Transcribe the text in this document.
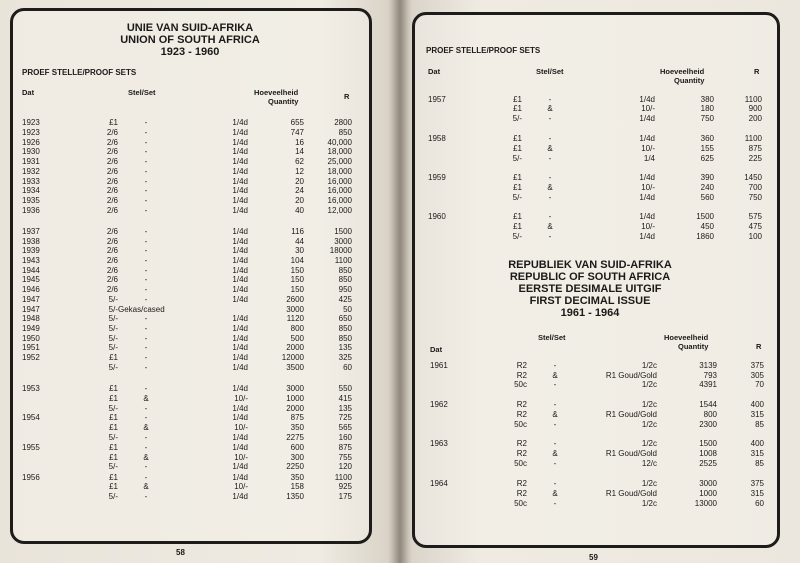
UNIE VAN SUID-AFRIKA
UNION OF SOUTH AFRICA
1923 - 1960
PROEF STELLE/PROOF SETS
Dat	Stel/Set	Hoeveelheid
Quantity
R
1923	£1	-	1/4d	655	2800
1923	2/6	-	1/4d	747	850
1926	2/6	-	1/4d	16	40,000
1930	2/6	-	1/4d	14	18,000
1931	2/6	-	1/4d	62	25,000
1932	2/6	-	1/4d	12	18,000
1933	2/6	-	1/4d	20	16,000
1934	2/6	-	1/4d	24	16,000
1935	2/6	-	1/4d	20	16,000
1936	2/6	-	1/4d	40	12,000
1937	2/6	-	1/4d	116	1500
1938	2/6	-	1/4d	44	3000
1939	2/6	-	1/4d	30	18000
1943	2/6	-	1/4d	104	1100
1944	2/6	-	1/4d	150	850
1945	2/6	-	1/4d	150	850
1946	2/6	-	1/4d	150	950
1947	5/-	-	1/4d	2600	425
1947	5/- Gekas/cased	3000	50
1948	5/-	-	1/4d	1120	650
1949	5/-	-	1/4d	800	850
1950	5/-	-	1/4d	500	850
1951	5/-	-	1/4d	2000	135
1952	£1	-	1/4d	12000	325
5/-	-	1/4d	3500	60
1953	£1	-	1/4d	3000	550
£1	&	10/-	1000	415
5/-	-	1/4d	2000	135
1954	£1	-	1/4d	875	725
£1	&	10/-	350	565
5/-	-	1/4d	2275	160
1955	£1	-	1/4d	600	875
£1	&	10/-	300	755
5/-	-	1/4d	2250	120
1956	£1	-	1/4d	350	1100
£1	&	10/-	158	925
5/-	-	1/4d	1350	175
PROEF STELLE/PROOF SETS
Dat	Stel/Set	Hoeveelheid
Quantity
R
1957	£1	-	1/4d	380	1100
£1	&	10/-	180	900
5/-	-	1/4d	750	200
1958	£1	-	1/4d	360	1100
£1	&	10/-	155	875
5/-	-	1/4	625	225
1959	£1	-	1/4d	390	1450
£1	&	10/-	240	700
5/-	-	1/4d	560	750
1960	£1	-	1/4d	1500	575
£1	&	10/-	450	475
5/-	-	1/4d	1860	100
REPUBLIEK VAN SUID-AFRIKA
REPUBLIC OF SOUTH AFRICA
EERSTE DESIMALE UITGIF
FIRST DECIMAL ISSUE
1961 - 1964
Stel/Set	Hoeveelheid
Quantity
Dat	R
1961	R2	-	1/2c	3139	375
R2	&	R1 Goud/Gold	793	305
50c	-	1/2c	4391	70
1962	R2	-	1/2c	1544	400
R2	&	R1 Goud/Gold	800	315
50c	-	1/2c	2300	85
1963	R2	-	1/2c	1500	400
R2	&	R1 Goud/Gold	1008	315
50c	-	12/c	2525	85
1964	R2	-	1/2c	3000	375
R2	&	R1 Goud/Gold	1000	315
50c	-	1/2c	13000	60
58
59
